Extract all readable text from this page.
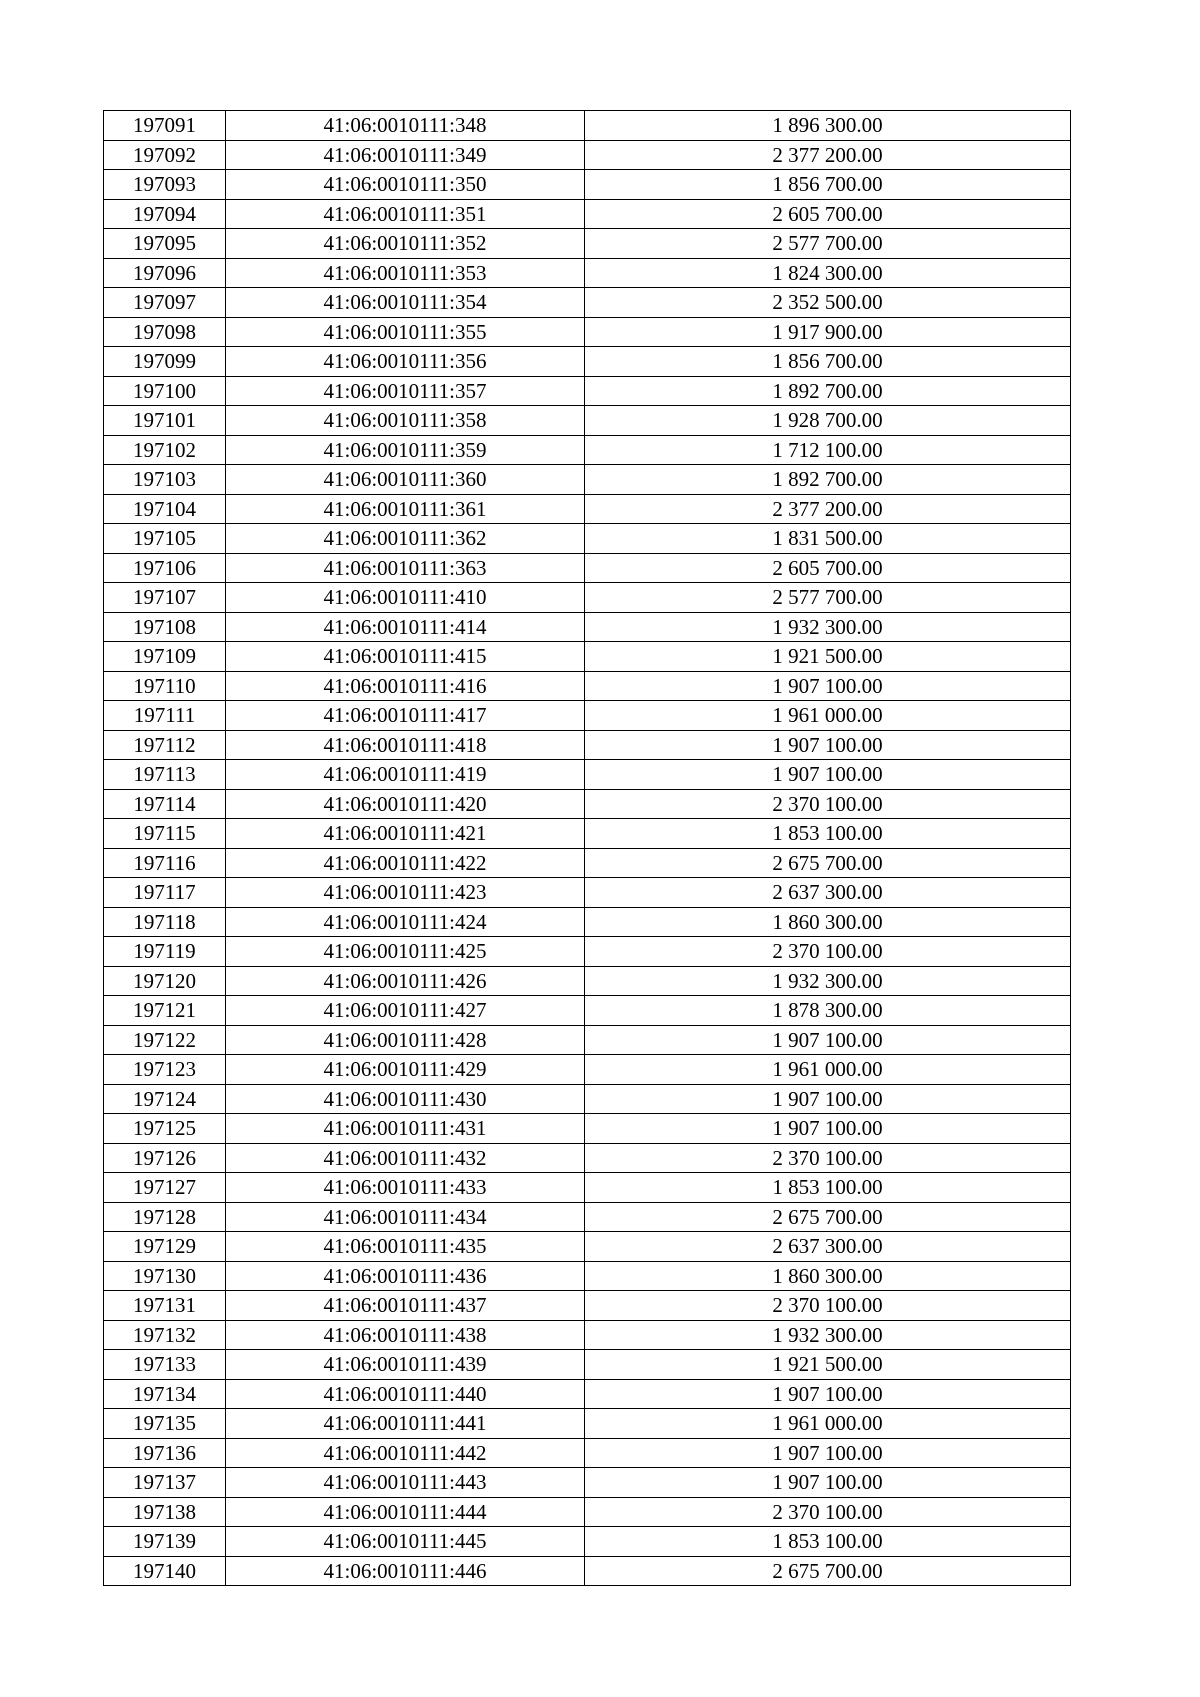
197091	41:06:0010111:348	1 896 300.00
197092	41:06:0010111:349	2 377 200.00
197093	41:06:0010111:350	1 856 700.00
197094	41:06:0010111:351	2 605 700.00
197095	41:06:0010111:352	2 577 700.00
197096	41:06:0010111:353	1 824 300.00
197097	41:06:0010111:354	2 352 500.00
197098	41:06:0010111:355	1 917 900.00
197099	41:06:0010111:356	1 856 700.00
197100	41:06:0010111:357	1 892 700.00
197101	41:06:0010111:358	1 928 700.00
197102	41:06:0010111:359	1 712 100.00
197103	41:06:0010111:360	1 892 700.00
197104	41:06:0010111:361	2 377 200.00
197105	41:06:0010111:362	1 831 500.00
197106	41:06:0010111:363	2 605 700.00
197107	41:06:0010111:410	2 577 700.00
197108	41:06:0010111:414	1 932 300.00
197109	41:06:0010111:415	1 921 500.00
197110	41:06:0010111:416	1 907 100.00
197111	41:06:0010111:417	1 961 000.00
197112	41:06:0010111:418	1 907 100.00
197113	41:06:0010111:419	1 907 100.00
197114	41:06:0010111:420	2 370 100.00
197115	41:06:0010111:421	1 853 100.00
197116	41:06:0010111:422	2 675 700.00
197117	41:06:0010111:423	2 637 300.00
197118	41:06:0010111:424	1 860 300.00
197119	41:06:0010111:425	2 370 100.00
197120	41:06:0010111:426	1 932 300.00
197121	41:06:0010111:427	1 878 300.00
197122	41:06:0010111:428	1 907 100.00
197123	41:06:0010111:429	1 961 000.00
197124	41:06:0010111:430	1 907 100.00
197125	41:06:0010111:431	1 907 100.00
197126	41:06:0010111:432	2 370 100.00
197127	41:06:0010111:433	1 853 100.00
197128	41:06:0010111:434	2 675 700.00
197129	41:06:0010111:435	2 637 300.00
197130	41:06:0010111:436	1 860 300.00
197131	41:06:0010111:437	2 370 100.00
197132	41:06:0010111:438	1 932 300.00
197133	41:06:0010111:439	1 921 500.00
197134	41:06:0010111:440	1 907 100.00
197135	41:06:0010111:441	1 961 000.00
197136	41:06:0010111:442	1 907 100.00
197137	41:06:0010111:443	1 907 100.00
197138	41:06:0010111:444	2 370 100.00
197139	41:06:0010111:445	1 853 100.00
197140	41:06:0010111:446	2 675 700.00
